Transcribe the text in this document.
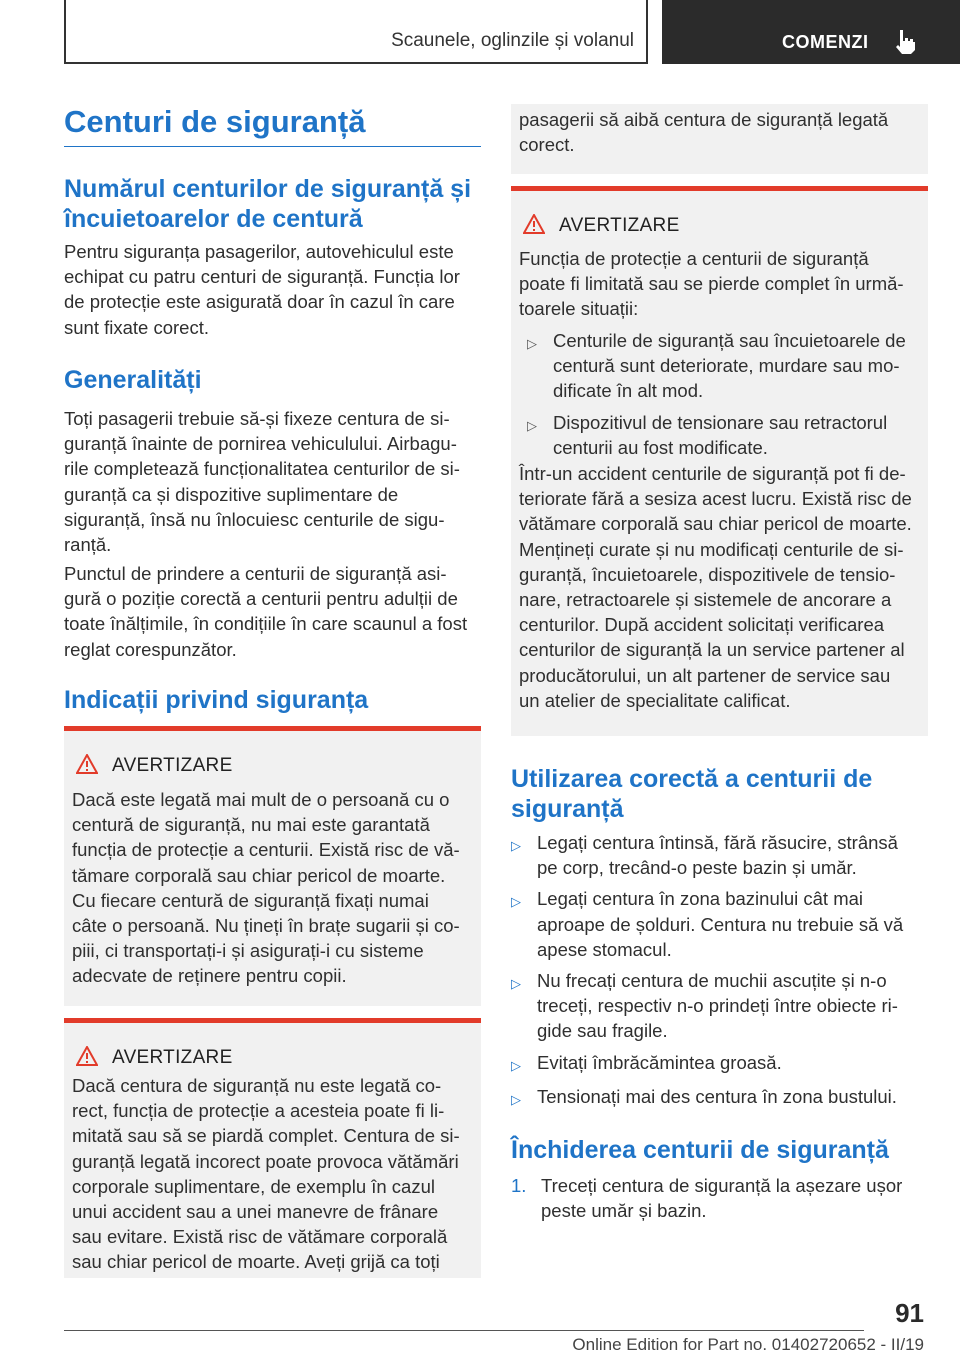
Scaunele, oglinzile și volanul	COMENZI
Centuri de siguranță
Numărul centurilor de siguranță și încuietoarelor de centură
Pentru siguranța pasagerilor, autovehiculul este
echipat cu patru centuri de siguranță. Funcția lor
de protecție este asigurată doar în cazul în care
sunt fixate corect.
Generalități
Toți pasagerii trebuie să-și fixeze centura de si-
guranță înainte de pornirea vehiculului. Airbagu-
rile completează funcționalitatea centurilor de si-
guranță ca și dispozitive suplimentare de
siguranță, însă nu înlocuiesc centurile de sigu-
ranță.
Punctul de prindere a centurii de siguranță asi-
gură o poziție corectă a centurii pentru adulții de
toate înălțimile, în condițiile în care scaunul a fost
reglat corespunzător.
Indicații privind siguranța
AVERTIZARE
Dacă este legată mai mult de o persoană cu o
centură de siguranță, nu mai este garantată
funcția de protecție a centurii. Există risc de vă-
tămare corporală sau chiar pericol de moarte.
Cu fiecare centură de siguranță fixați numai
câte o persoană. Nu țineți în brațe sugarii și co-
piii, ci transportați-i și asigurați-i cu sisteme
adecvate de reținere pentru copii.
AVERTIZARE
Dacă centura de siguranță nu este legată co-
rect, funcția de protecție a acesteia poate fi li-
mitată sau să se piardă complet. Centura de si-
guranță legată incorect poate provoca vătămări
corporale suplimentare, de exemplu în cazul
unui accident sau a unei manevre de frânare
sau evitare. Există risc de vătămare corporală
sau chiar pericol de moarte. Aveți grijă ca toți
pasagerii să aibă centura de siguranță legată
corect.
AVERTIZARE
Funcția de protecție a centurii de siguranță
poate fi limitată sau se pierde complet în urmă-
toarele situații:
▷ Centurile de siguranță sau încuietoarele de
centură sunt deteriorate, murdare sau mo-
dificate în alt mod.
▷ Dispozitivul de tensionare sau retractorul
centurii au fost modificate.
Într-un accident centurile de siguranță pot fi de-
teriorate fără a sesiza acest lucru. Există risc de
vătămare corporală sau chiar pericol de moarte.
Mențineți curate și nu modificați centurile de si-
guranță, încuietoarele, dispozitivele de tensio-
nare, retractoarele și sistemele de ancorare a
centurilor. După accident solicitați verificarea
centurilor de siguranță la un service partener al
producătorului, un alt partener de service sau
un atelier de specialitate calificat.
Utilizarea corectă a centurii de
siguranță
▷ Legați centura întinsă, fără răsucire, strânsă
pe corp, trecând-o peste bazin și umăr.
▷ Legați centura în zona bazinului cât mai
aproape de șolduri. Centura nu trebuie să vă
apese stomacul.
▷ Nu frecați centura de muchii ascuțite și n-o
treceți, respectiv n-o prindeți între obiecte ri-
gide sau fragile.
▷ Evitați îmbrăcămintea groasă.
▷ Tensionați mai des centura în zona bustului.
Închiderea centurii de siguranță
1. Treceți centura de siguranță la așezare ușor
peste umăr și bazin.
91
Online Edition for Part no. 01402720652 - II/19
